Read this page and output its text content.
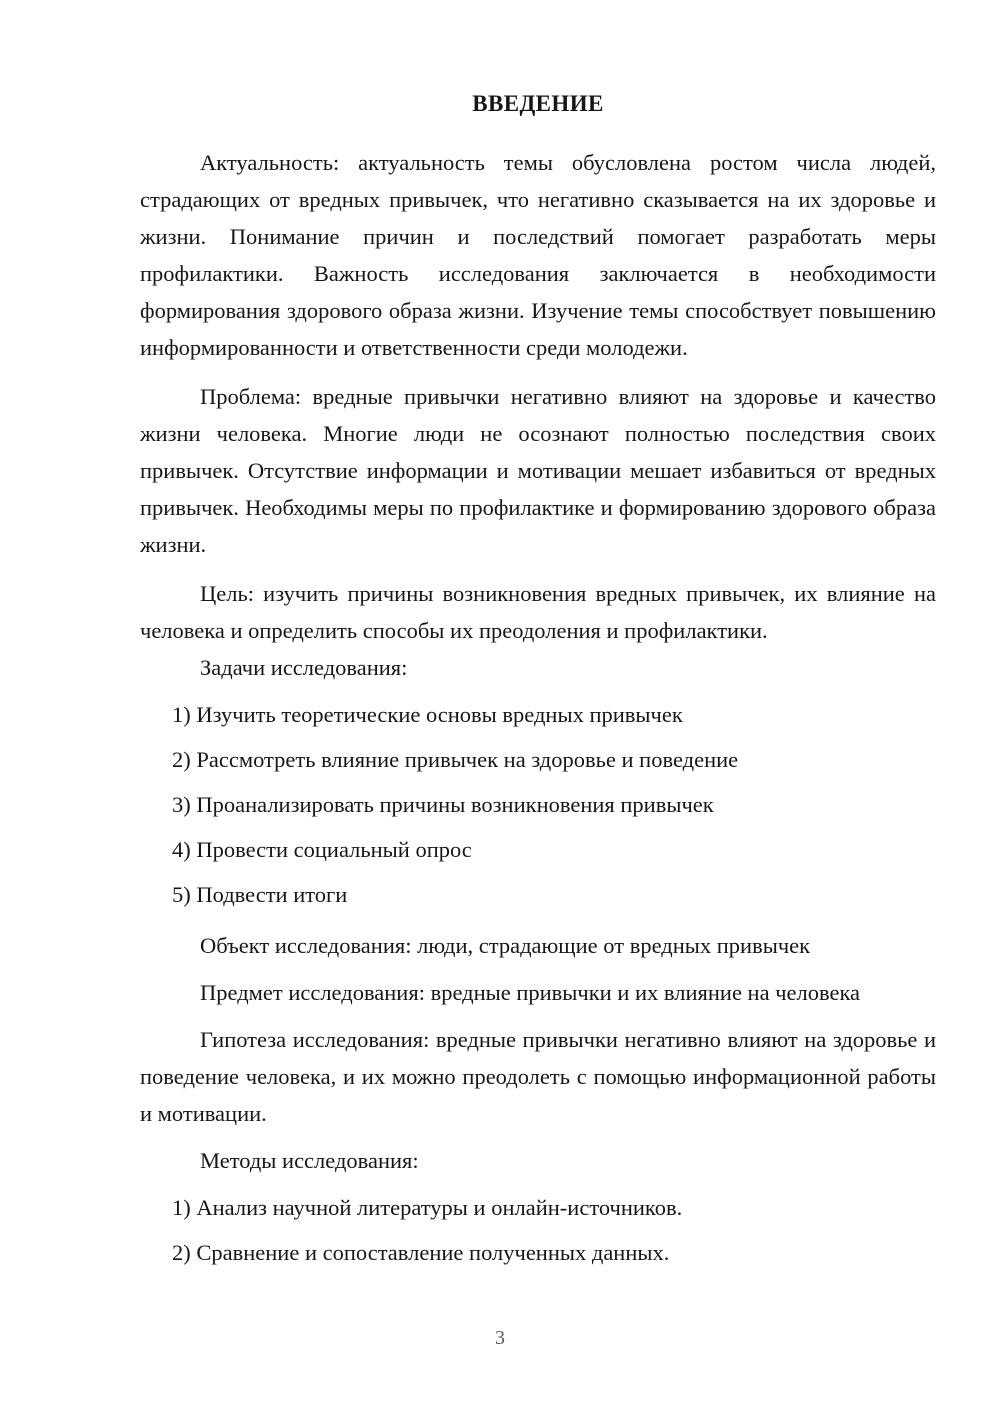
ВВЕДЕНИЕ

Актуальность: актуальность темы обусловлена ростом числа людей, страдающих от вредных привычек, что негативно сказывается на их здоровье и жизни. Понимание причин и последствий помогает разработать меры профилактики. Важность исследования заключается в необходимости формирования здорового образа жизни. Изучение темы способствует повышению информированности и ответственности среди молодежи.

Проблема: вредные привычки негативно влияют на здоровье и качество жизни человека. Многие люди не осознают полностью последствия своих привычек. Отсутствие информации и мотивации мешает избавиться от вредных привычек. Необходимы меры по профилактике и формированию здорового образа жизни.

Цель: изучить причины возникновения вредных привычек, их влияние на человека и определить способы их преодоления и профилактики.

Задачи исследования:

1) Изучить теоретические основы вредных привычек
2) Рассмотреть влияние привычек на здоровье и поведение
3) Проанализировать причины возникновения привычек
4) Провести социальный опрос
5) Подвести итоги

Объект исследования: люди, страдающие от вредных привычек

Предмет исследования: вредные привычки и их влияние на человека

Гипотеза исследования: вредные привычки негативно влияют на здоровье и поведение человека, и их можно преодолеть с помощью информационной работы и мотивации.

Методы исследования:

1) Анализ научной литературы и онлайн-источников.
2) Сравнение и сопоставление полученных данных.
3
